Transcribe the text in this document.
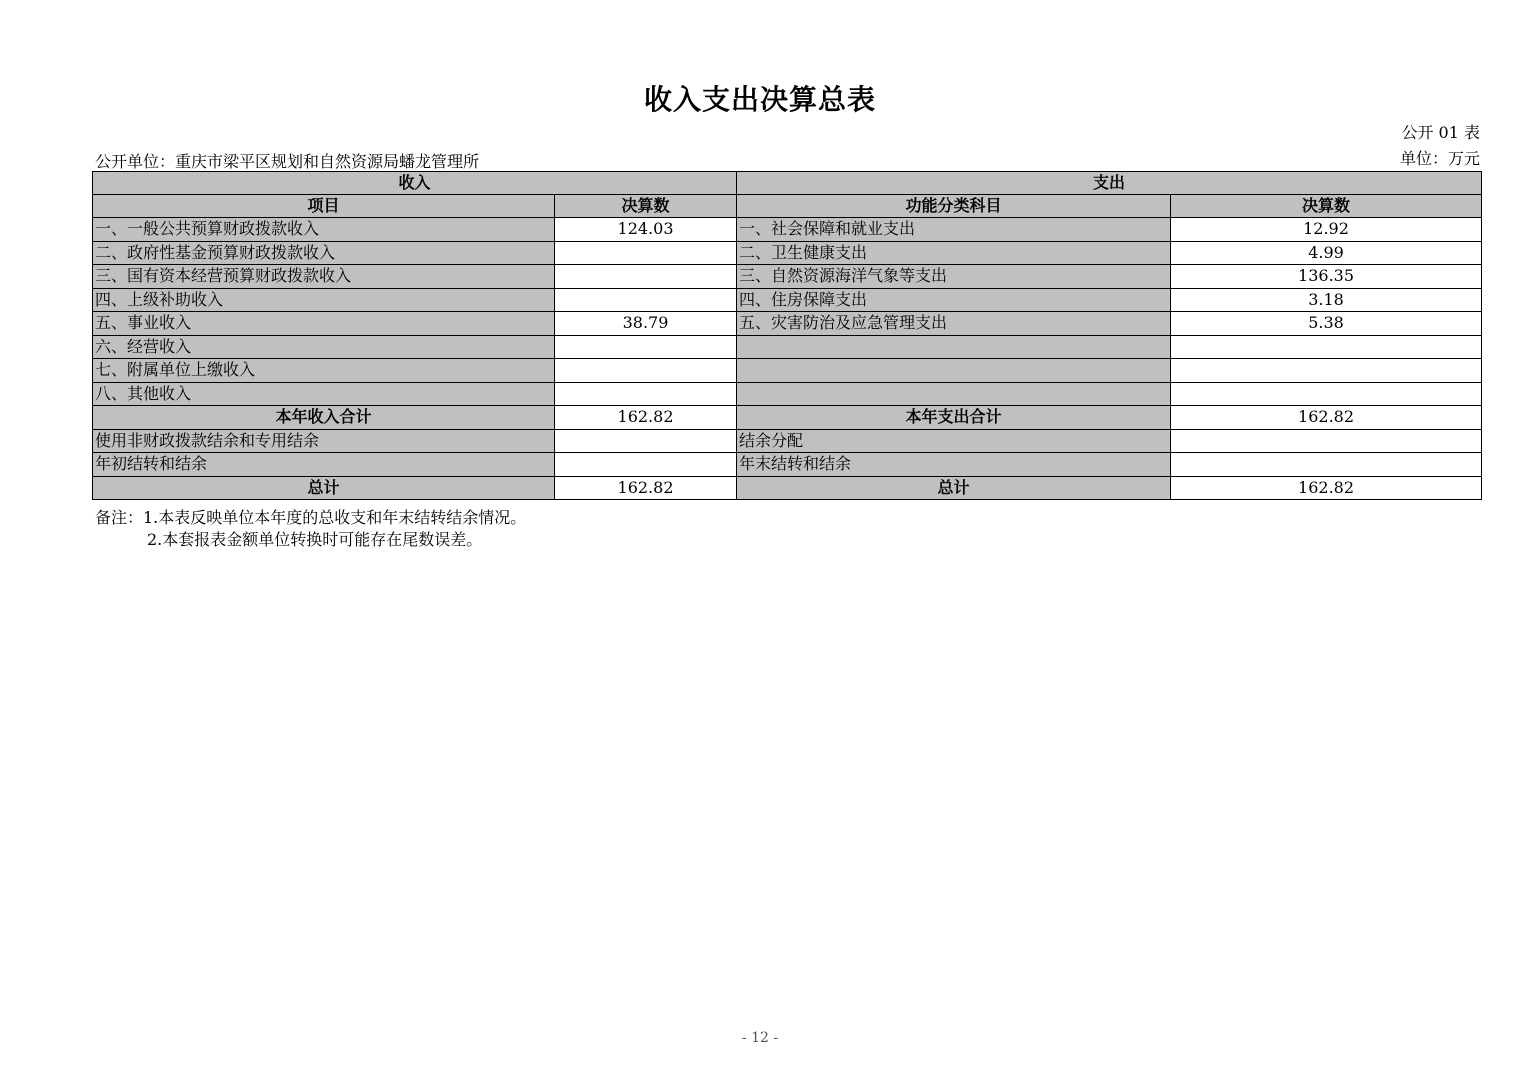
收入支出决算总表
公开 01 表
公开单位：重庆市梁平区规划和自然资源局蟠龙管理所	单位：万元
收入		支出	
项目	决算数	功能分类科目	决算数
一、一般公共预算财政拨款收入	124.03	一、社会保障和就业支出	12.92
二、政府性基金预算财政拨款收入		二、卫生健康支出	4.99
三、国有资本经营预算财政拨款收入		三、自然资源海洋气象等支出	136.35
四、上级补助收入		四、住房保障支出	3.18
五、事业收入	38.79	五、灾害防治及应急管理支出	5.38
六、经营收入			
七、附属单位上缴收入			
八、其他收入			
本年收入合计	162.82	本年支出合计	162.82
使用非财政拨款结余和专用结余		结余分配	
年初结转和结余		年末结转和结余	
总计	162.82	总计	162.82
备注：1.本表反映单位本年度的总收支和年末结转结余情况。
2.本套报表金额单位转换时可能存在尾数误差。
- 12 -
